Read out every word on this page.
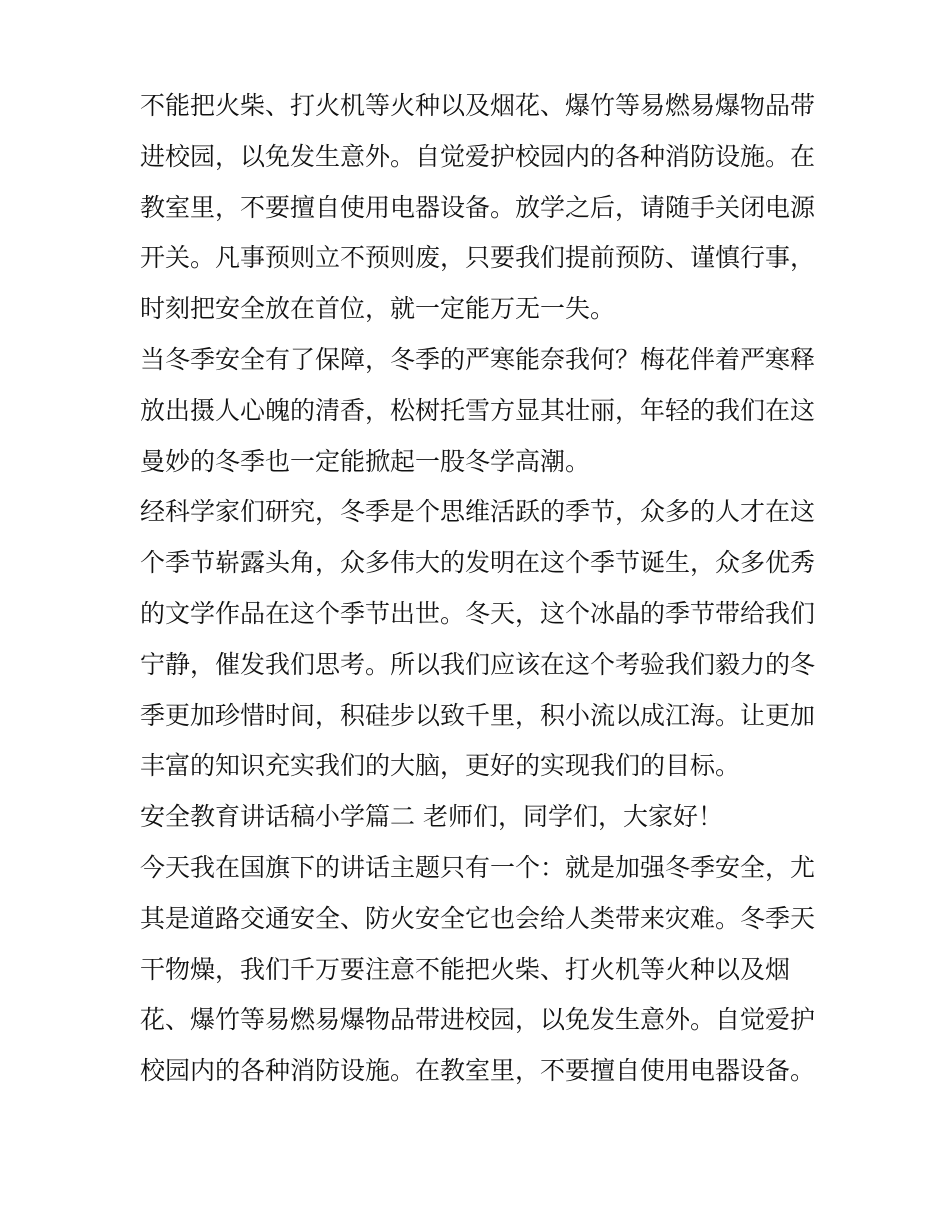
不能把火柴、打火机等火种以及烟花、爆竹等易燃易爆物品带
进校园，以免发生意外。自觉爱护校园内的各种消防设施。在
教室里，不要擅自使用电器设备。放学之后，请随手关闭电源
开关。凡事预则立不预则废，只要我们提前预防、谨慎行事，
时刻把安全放在首位，就一定能万无一失。
当冬季安全有了保障，冬季的严寒能奈我何？梅花伴着严寒释
放出摄人心魄的清香，松树托雪方显其壮丽，年轻的我们在这
曼妙的冬季也一定能掀起一股冬学高潮。
经科学家们研究，冬季是个思维活跃的季节，众多的人才在这
个季节崭露头角，众多伟大的发明在这个季节诞生，众多优秀
的文学作品在这个季节出世。冬天，这个冰晶的季节带给我们
宁静，催发我们思考。所以我们应该在这个考验我们毅力的冬
季更加珍惜时间，积硅步以致千里，积小流以成江海。让更加
丰富的知识充实我们的大脑，更好的实现我们的目标。
安全教育讲话稿小学篇二 老师们，同学们，大家好！
今天我在国旗下的讲话主题只有一个：就是加强冬季安全，尤
其是道路交通安全、防火安全它也会给人类带来灾难。冬季天
干物燥，我们千万要注意不能把火柴、打火机等火种以及烟
花、爆竹等易燃易爆物品带进校园，以免发生意外。自觉爱护
校园内的各种消防设施。在教室里，不要擅自使用电器设备。
